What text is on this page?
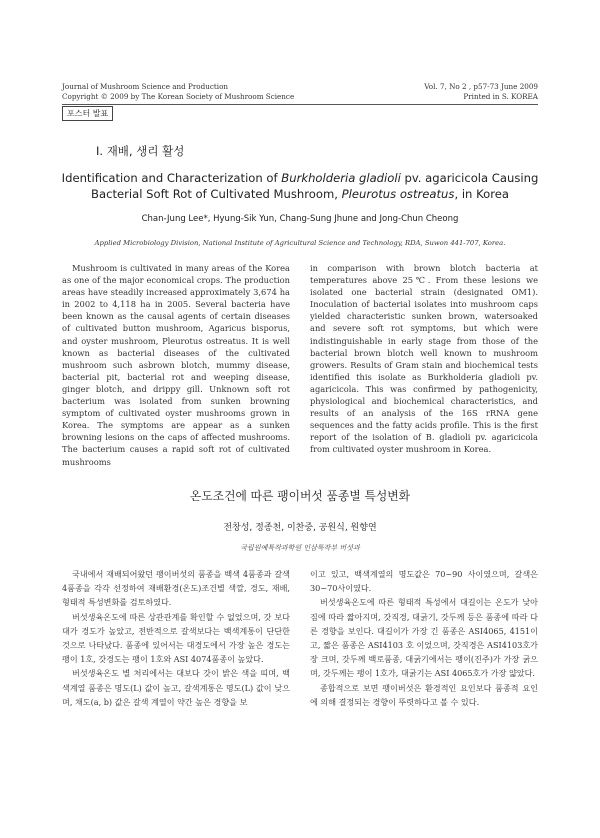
Journal of Mushroom Science and Production
Copyright © 2009 by The Korean Society of Mushroom Science
Vol. 7, No 2 , p57-73 June 2009
Printed in S. KOREA
포스터 발표
Ⅰ. 재배, 생리 활성
Identification and Characterization of Burkholderia gladioli pv. agaricicola Causing
Bacterial Soft Rot of Cultivated Mushroom, Pleurotus ostreatus, in Korea
Chan-Jung Lee*, Hyung-Sik Yun, Chang-Sung Jhune and Jong-Chun Cheong
Applied Microbiology Division, National Institute of Agricultural Science and Technology, RDA, Suwon 441-707, Korea.
Mushroom is cultivated in many areas of the Korea as one of the major economical crops. The production areas have steadily increased approximately 3,674 ha in 2002 to 4,118 ha in 2005. Several bacteria have been known as the causal agents of certain diseases of cultivated button mushroom, Agaricus bisporus, and oyster mushroom, Pleurotus ostreatus. It is well known as bacterial diseases of the cultivated mushroom such asbrown blotch, mummy disease, bacterial pit, bacterial rot and weeping disease, ginger blotch, and drippy gill. Unknown soft rot bacterium was isolated from sunken browning symptom of cultivated oyster mushrooms grown in Korea. The symptoms are appear as a sunken browning lesions on the caps of affected mushrooms. The bacterium causes a rapid soft rot of cultivated mushrooms
in comparison with brown blotch bacteria at temperatures above 25℃. From these lesions we isolated one bacterial strain (designated OM1). Inoculation of bacterial isolates into mushroom caps yielded characteristic sunken brown, watersoaked and severe soft rot symptoms, but which were indistinguishable in early stage from those of the bacterial brown blotch well known to mushroom growers. Results of Gram stain and biochemical tests identified this isolate as Burkholderia gladioli pv. agaricicola. This was confirmed by pathogenicity, physiological and biochemical characteristics, and results of an analysis of the 16S rRNA gene sequences and the fatty acids profile. This is the first report of the isolation of B. gladioli pv. agaricicola from cultivated oyster mushroom in Korea.
온도조건에 따른 팽이버섯 품종별 특성변화
전창성, 정종천, 이찬중, 공원식, 원향연
국립원예특작과학원 인삼특작부 버섯과

국내에서 재배되어왔던 팽이버섯의 품종을 백색 4품종과 갈색 4품종을 각각 선정하여 재배환경(온도)조건별 색깔, 경도, 재배, 형태적 특성변화를 검토하였다.

버섯생육온도에 따른 상관관계를 확인할 수 없었으며, 갓 보다 대가 경도가 높았고, 전반적으로 갈색보다는 백색계통이 단단한 것으로 나타났다. 품종에 있어서는 대경도에서 가장 높은 경도는 팽이 1호, 갓경도는 팽이 1호와 ASI 4074품종이 높았다.

버섯생육온도 별 처리에서는 대보다 갓이 밝은 색을 띠며, 백색계열 품종은 명도(L) 값이 높고, 갈색계통은 명도(L) 값이 낮으며, 채도(a, b) 값은 갈색 계열이 약간 높은 경향을 보

이고 있고, 백색계열의 명도값은 70~90 사이였으며, 갈색은 30~70사이였다.

버섯생육온도에 따른 형태적 특성에서 대길이는 온도가 낮아짐에 따라 짧아지며, 갓직경, 대굵기, 갓두께 등은 품종에 따라 다른 경향을 보인다. 대길이가 가장 긴 품종은 ASI4065, 4151이고, 짧은 품종은 ASI4103 호 이었으며, 갓직경은 ASI4103호가장 크며, 갓두께 백로품종, 대굵기에서는 팽이(진주)가 가장 굵으며, 갓두께는 팽이 1호가, 대굵기는 ASI 4065호가 가장 얇았다.

종합적으로 보면 팽이버섯은 환경적인 요인보다 품종적 요인에 의해 결정되는 경향이 뚜렷하다고 볼 수 있다.
